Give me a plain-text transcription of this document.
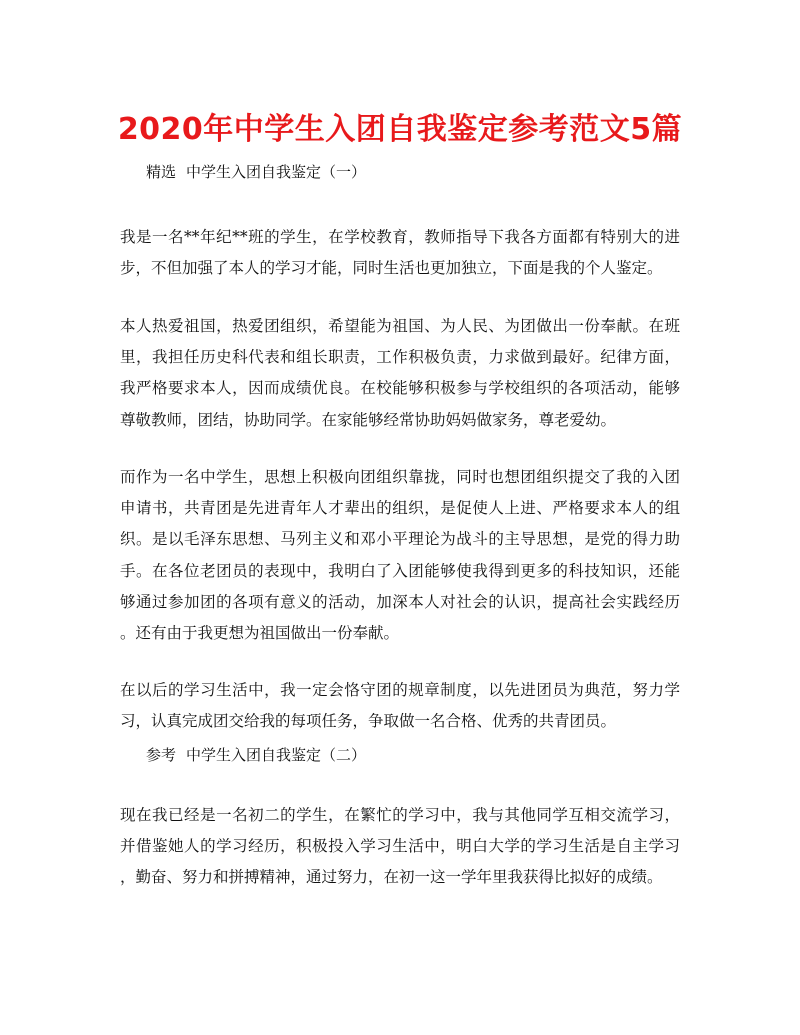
2020年中学生入团自我鉴定参考范文5篇
精选 中学生入团自我鉴定（一）
我是一名**年纪**班的学生，在学校教育，教师指导下我各方面都有特别大的进
步，不但加强了本人的学习才能，同时生活也更加独立，下面是我的个人鉴定。
本人热爱祖国，热爱团组织，希望能为祖国、为人民、为团做出一份奉献。在班
里，我担任历史科代表和组长职责，工作积极负责，力求做到最好。纪律方面，
我严格要求本人，因而成绩优良。在校能够积极参与学校组织的各项活动，能够
尊敬教师，团结，协助同学。在家能够经常协助妈妈做家务，尊老爱幼。
而作为一名中学生，思想上积极向团组织靠拢，同时也想团组织提交了我的入团
申请书，共青团是先进青年人才辈出的组织，是促使人上进、严格要求本人的组
织。是以毛泽东思想、马列主义和邓小平理论为战斗的主导思想，是党的得力助
手。在各位老团员的表现中，我明白了入团能够使我得到更多的科技知识，还能
够通过参加团的各项有意义的活动，加深本人对社会的认识，提高社会实践经历
。还有由于我更想为祖国做出一份奉献。
在以后的学习生活中，我一定会恪守团的规章制度，以先进团员为典范，努力学
习，认真完成团交给我的每项任务，争取做一名合格、优秀的共青团员。
参考 中学生入团自我鉴定（二）
现在我已经是一名初二的学生，在繁忙的学习中，我与其他同学互相交流学习，
并借鉴她人的学习经历，积极投入学习生活中，明白大学的学习生活是自主学习
，勤奋、努力和拼搏精神，通过努力，在初一这一学年里我获得比拟好的成绩。
